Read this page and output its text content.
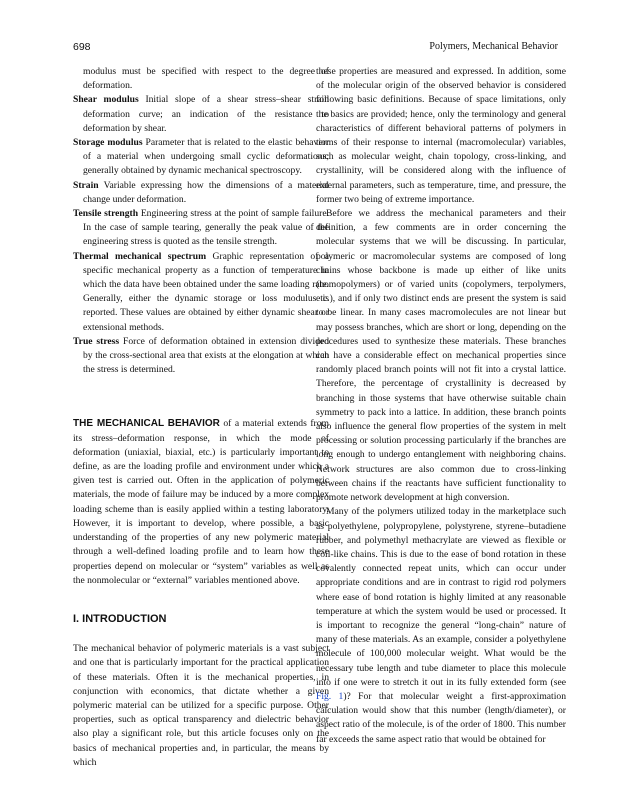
698	Polymers, Mechanical Behavior

modulus must be specified with respect to the degree of deformation.

Shear modulus Initial slope of a shear stress–shear strain deformation curve; an indication of the resistance to deformation by shear.

Storage modulus Parameter that is related to the elastic behavior of a material when undergoing small cyclic deformations; generally obtained by dynamic mechanical spectroscopy.

Strain Variable expressing how the dimensions of a material change under deformation.

Tensile strength Engineering stress at the point of sample failure. In the case of sample tearing, generally the peak value of the engineering stress is quoted as the tensile strength.

Thermal mechanical spectrum Graphic representation of a specific mechanical property as a function of temperature in which the data have been obtained under the same loading rate. Generally, either the dynamic storage or loss modulus is reported. These values are obtained by either dynamic shear or extensional methods.

True stress Force of deformation obtained in extension divided by the cross-sectional area that exists at the elongation at which the stress is determined.

THE MECHANICAL BEHAVIOR of a material extends from its stress–deformation response, in which the mode of deformation (uniaxial, biaxial, etc.) is particularly important to define, as are the loading profile and environment under which a given test is carried out. Often in the application of polymeric materials, the mode of failure may be induced by a more complex loading scheme than is easily applied within a testing laboratory. However, it is important to develop, where possible, a basic understanding of the properties of any new polymeric material through a well-defined loading profile and to learn how these properties depend on molecular or “system” variables as well as the nonmolecular or “external” variables mentioned above.

I. INTRODUCTION

The mechanical behavior of polymeric materials is a vast subject and one that is particularly important for the practical application of these materials. Often it is the mechanical properties, in conjunction with economics, that dictate whether a given polymeric material can be utilized for a specific purpose. Other properties, such as optical transparency and dielectric behavior also play a significant role, but this article focuses only on the basics of mechanical properties and, in particular, the means by which

these properties are measured and expressed. In addition, some of the molecular origin of the observed behavior is considered following basic definitions. Because of space limitations, only the basics are provided; hence, only the terminology and general characteristics of different behavioral patterns of polymers in terms of their response to internal (macromolecular) variables, such as molecular weight, chain topology, cross-linking, and crystallinity, will be considered along with the influence of external parameters, such as temperature, time, and pressure, the former two being of extreme importance.

Before we address the mechanical parameters and their definition, a few comments are in order concerning the molecular systems that we will be discussing. In particular, polymeric or macromolecular systems are composed of long chains whose backbone is made up either of like units (homopolymers) or of varied units (copolymers, terpolymers, etc.), and if only two distinct ends are present the system is said to be linear. In many cases macromolecules are not linear but may possess branches, which are short or long, depending on the procedures used to synthesize these materials. These branches can have a considerable effect on mechanical properties since randomly placed branch points will not fit into a crystal lattice. Therefore, the percentage of crystallinity is decreased by branching in those systems that have otherwise suitable chain symmetry to pack into a lattice. In addition, these branch points also influence the general flow properties of the system in melt processing or solution processing particularly if the branches are long enough to undergo entanglement with neighboring chains. Network structures are also common due to cross-linking between chains if the reactants have sufficient functionality to promote network development at high conversion.

Many of the polymers utilized today in the marketplace such as polyethylene, polypropylene, polystyrene, styrene–butadiene rubber, and polymethyl methacrylate are viewed as flexible or coil-like chains. This is due to the ease of bond rotation in these covalently connected repeat units, which can occur under appropriate conditions and are in contrast to rigid rod polymers where ease of bond rotation is highly limited at any reasonable temperature at which the system would be used or processed. It is important to recognize the general “long-chain” nature of many of these materials. As an example, consider a polyethylene molecule of 100,000 molecular weight. What would be the necessary tube length and tube diameter to place this molecule into if one were to stretch it out in its fully extended form (see Fig. 1)? For that molecular weight a first-approximation calculation would show that this number (length/diameter), or aspect ratio of the molecule, is of the order of 1800. This number far exceeds the same aspect ratio that would be obtained for
